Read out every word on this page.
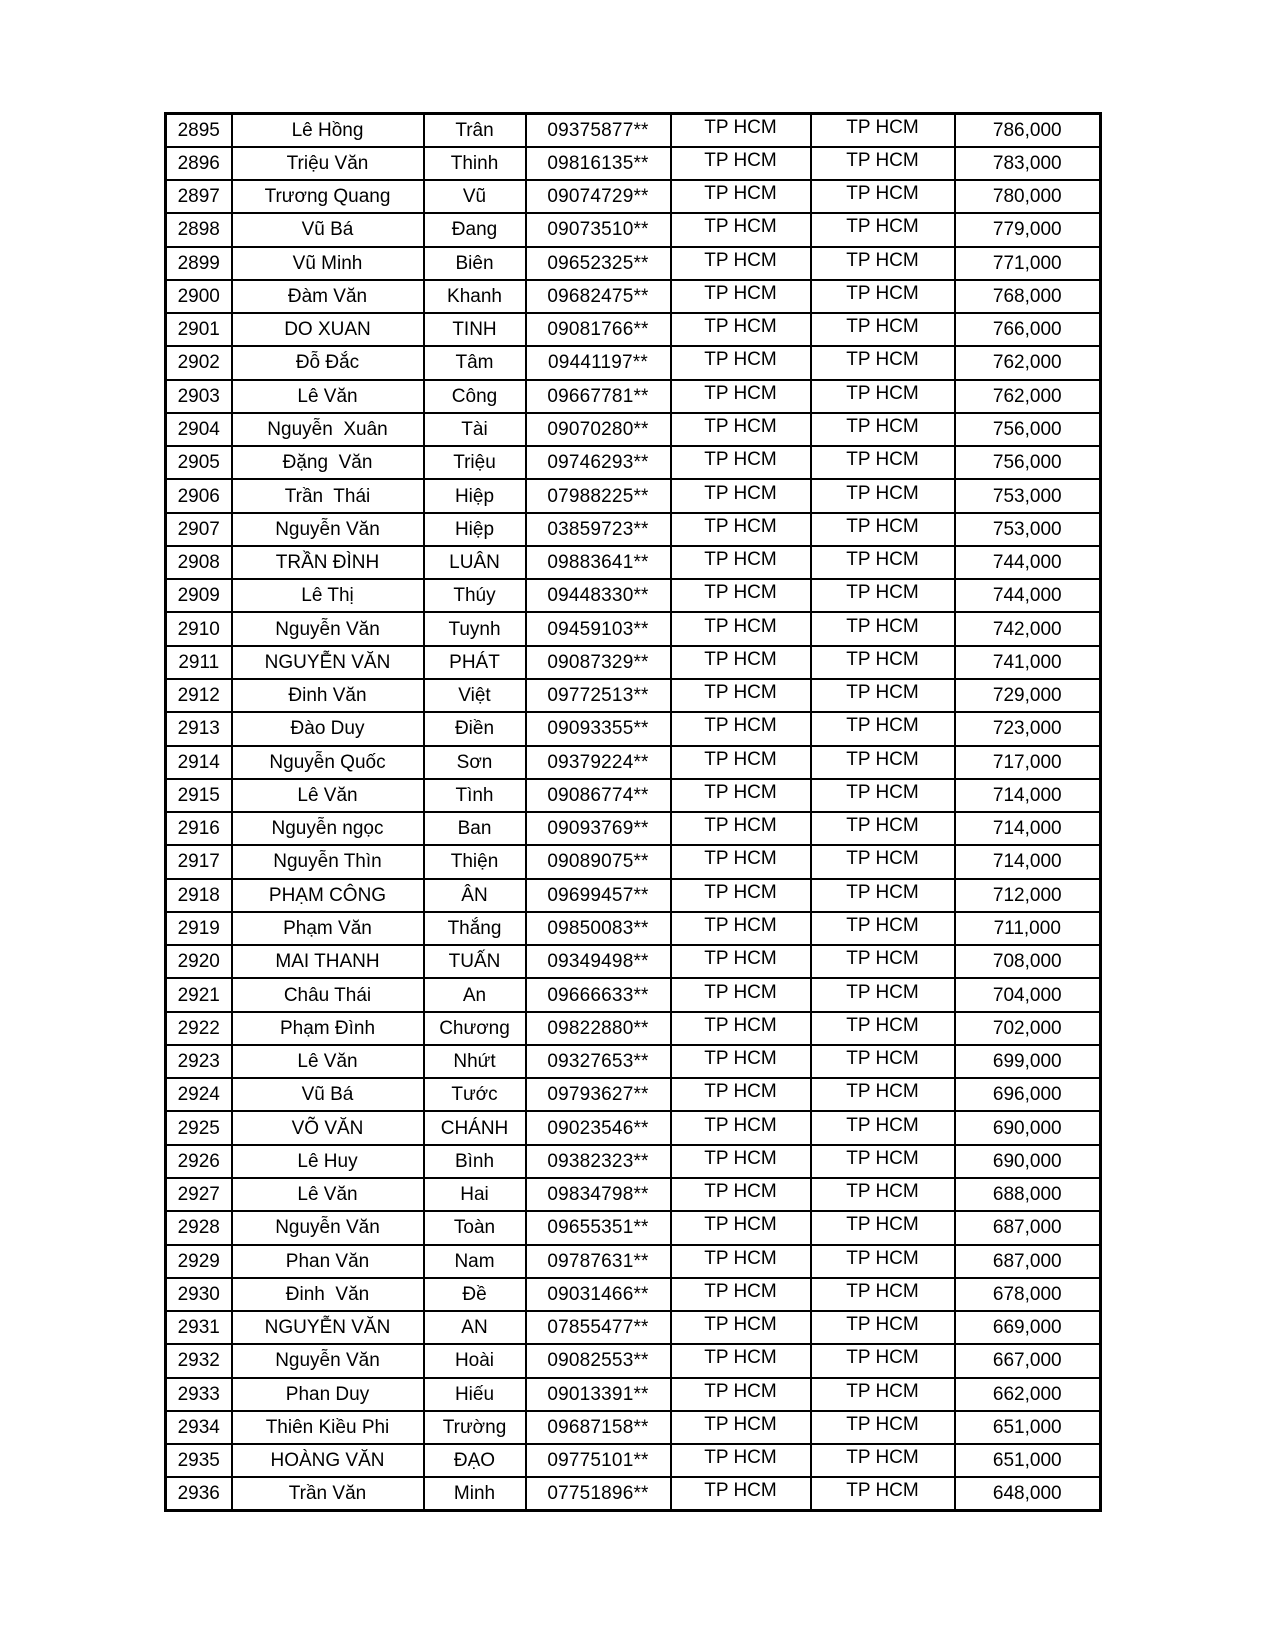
2895	Lê Hồng	Trân	09375877**	TP HCM	TP HCM	786,000
2896	Triệu Văn	Thinh	09816135**	TP HCM	TP HCM	783,000
2897	Trương Quang	Vũ	09074729**	TP HCM	TP HCM	780,000
2898	Vũ Bá	Đang	09073510**	TP HCM	TP HCM	779,000
2899	Vũ Minh	Biên	09652325**	TP HCM	TP HCM	771,000
2900	Đàm Văn	Khanh	09682475**	TP HCM	TP HCM	768,000
2901	DO XUAN	TINH	09081766**	TP HCM	TP HCM	766,000
2902	Đỗ Đắc	Tâm	09441197**	TP HCM	TP HCM	762,000
2903	Lê Văn	Công	09667781**	TP HCM	TP HCM	762,000
2904	Nguyễn  Xuân	Tài	09070280**	TP HCM	TP HCM	756,000
2905	Đặng  Văn	Triệu	09746293**	TP HCM	TP HCM	756,000
2906	Trần  Thái	Hiệp	07988225**	TP HCM	TP HCM	753,000
2907	Nguyễn Văn	Hiệp	03859723**	TP HCM	TP HCM	753,000
2908	TRẦN ĐÌNH	LUÂN	09883641**	TP HCM	TP HCM	744,000
2909	Lê Thị	Thúy	09448330**	TP HCM	TP HCM	744,000
2910	Nguyễn Văn	Tuynh	09459103**	TP HCM	TP HCM	742,000
2911	NGUYỄN VĂN	PHÁT	09087329**	TP HCM	TP HCM	741,000
2912	Đinh Văn	Việt	09772513**	TP HCM	TP HCM	729,000
2913	Đào Duy	Điền	09093355**	TP HCM	TP HCM	723,000
2914	Nguyễn Quốc	Sơn	09379224**	TP HCM	TP HCM	717,000
2915	Lê Văn	Tình	09086774**	TP HCM	TP HCM	714,000
2916	Nguyễn ngọc	Ban	09093769**	TP HCM	TP HCM	714,000
2917	Nguyễn Thìn	Thiện	09089075**	TP HCM	TP HCM	714,000
2918	PHẠM CÔNG	ÂN	09699457**	TP HCM	TP HCM	712,000
2919	Phạm Văn	Thắng	09850083**	TP HCM	TP HCM	711,000
2920	MAI THANH	TUẤN	09349498**	TP HCM	TP HCM	708,000
2921	Châu Thái	An	09666633**	TP HCM	TP HCM	704,000
2922	Phạm Đình	Chương	09822880**	TP HCM	TP HCM	702,000
2923	Lê Văn	Nhứt	09327653**	TP HCM	TP HCM	699,000
2924	Vũ Bá	Tước	09793627**	TP HCM	TP HCM	696,000
2925	VÕ VĂN	CHÁNH	09023546**	TP HCM	TP HCM	690,000
2926	Lê Huy	Bình	09382323**	TP HCM	TP HCM	690,000
2927	Lê Văn	Hai	09834798**	TP HCM	TP HCM	688,000
2928	Nguyễn Văn	Toàn	09655351**	TP HCM	TP HCM	687,000
2929	Phan Văn	Nam	09787631**	TP HCM	TP HCM	687,000
2930	Đinh  Văn	Đề	09031466**	TP HCM	TP HCM	678,000
2931	NGUYỄN VĂN	AN	07855477**	TP HCM	TP HCM	669,000
2932	Nguyễn Văn	Hoài	09082553**	TP HCM	TP HCM	667,000
2933	Phan Duy	Hiếu	09013391**	TP HCM	TP HCM	662,000
2934	Thiên Kiều Phi	Trường	09687158**	TP HCM	TP HCM	651,000
2935	HOÀNG VĂN	ĐẠO	09775101**	TP HCM	TP HCM	651,000
2936	Trần Văn	Minh	07751896**	TP HCM	TP HCM	648,000
